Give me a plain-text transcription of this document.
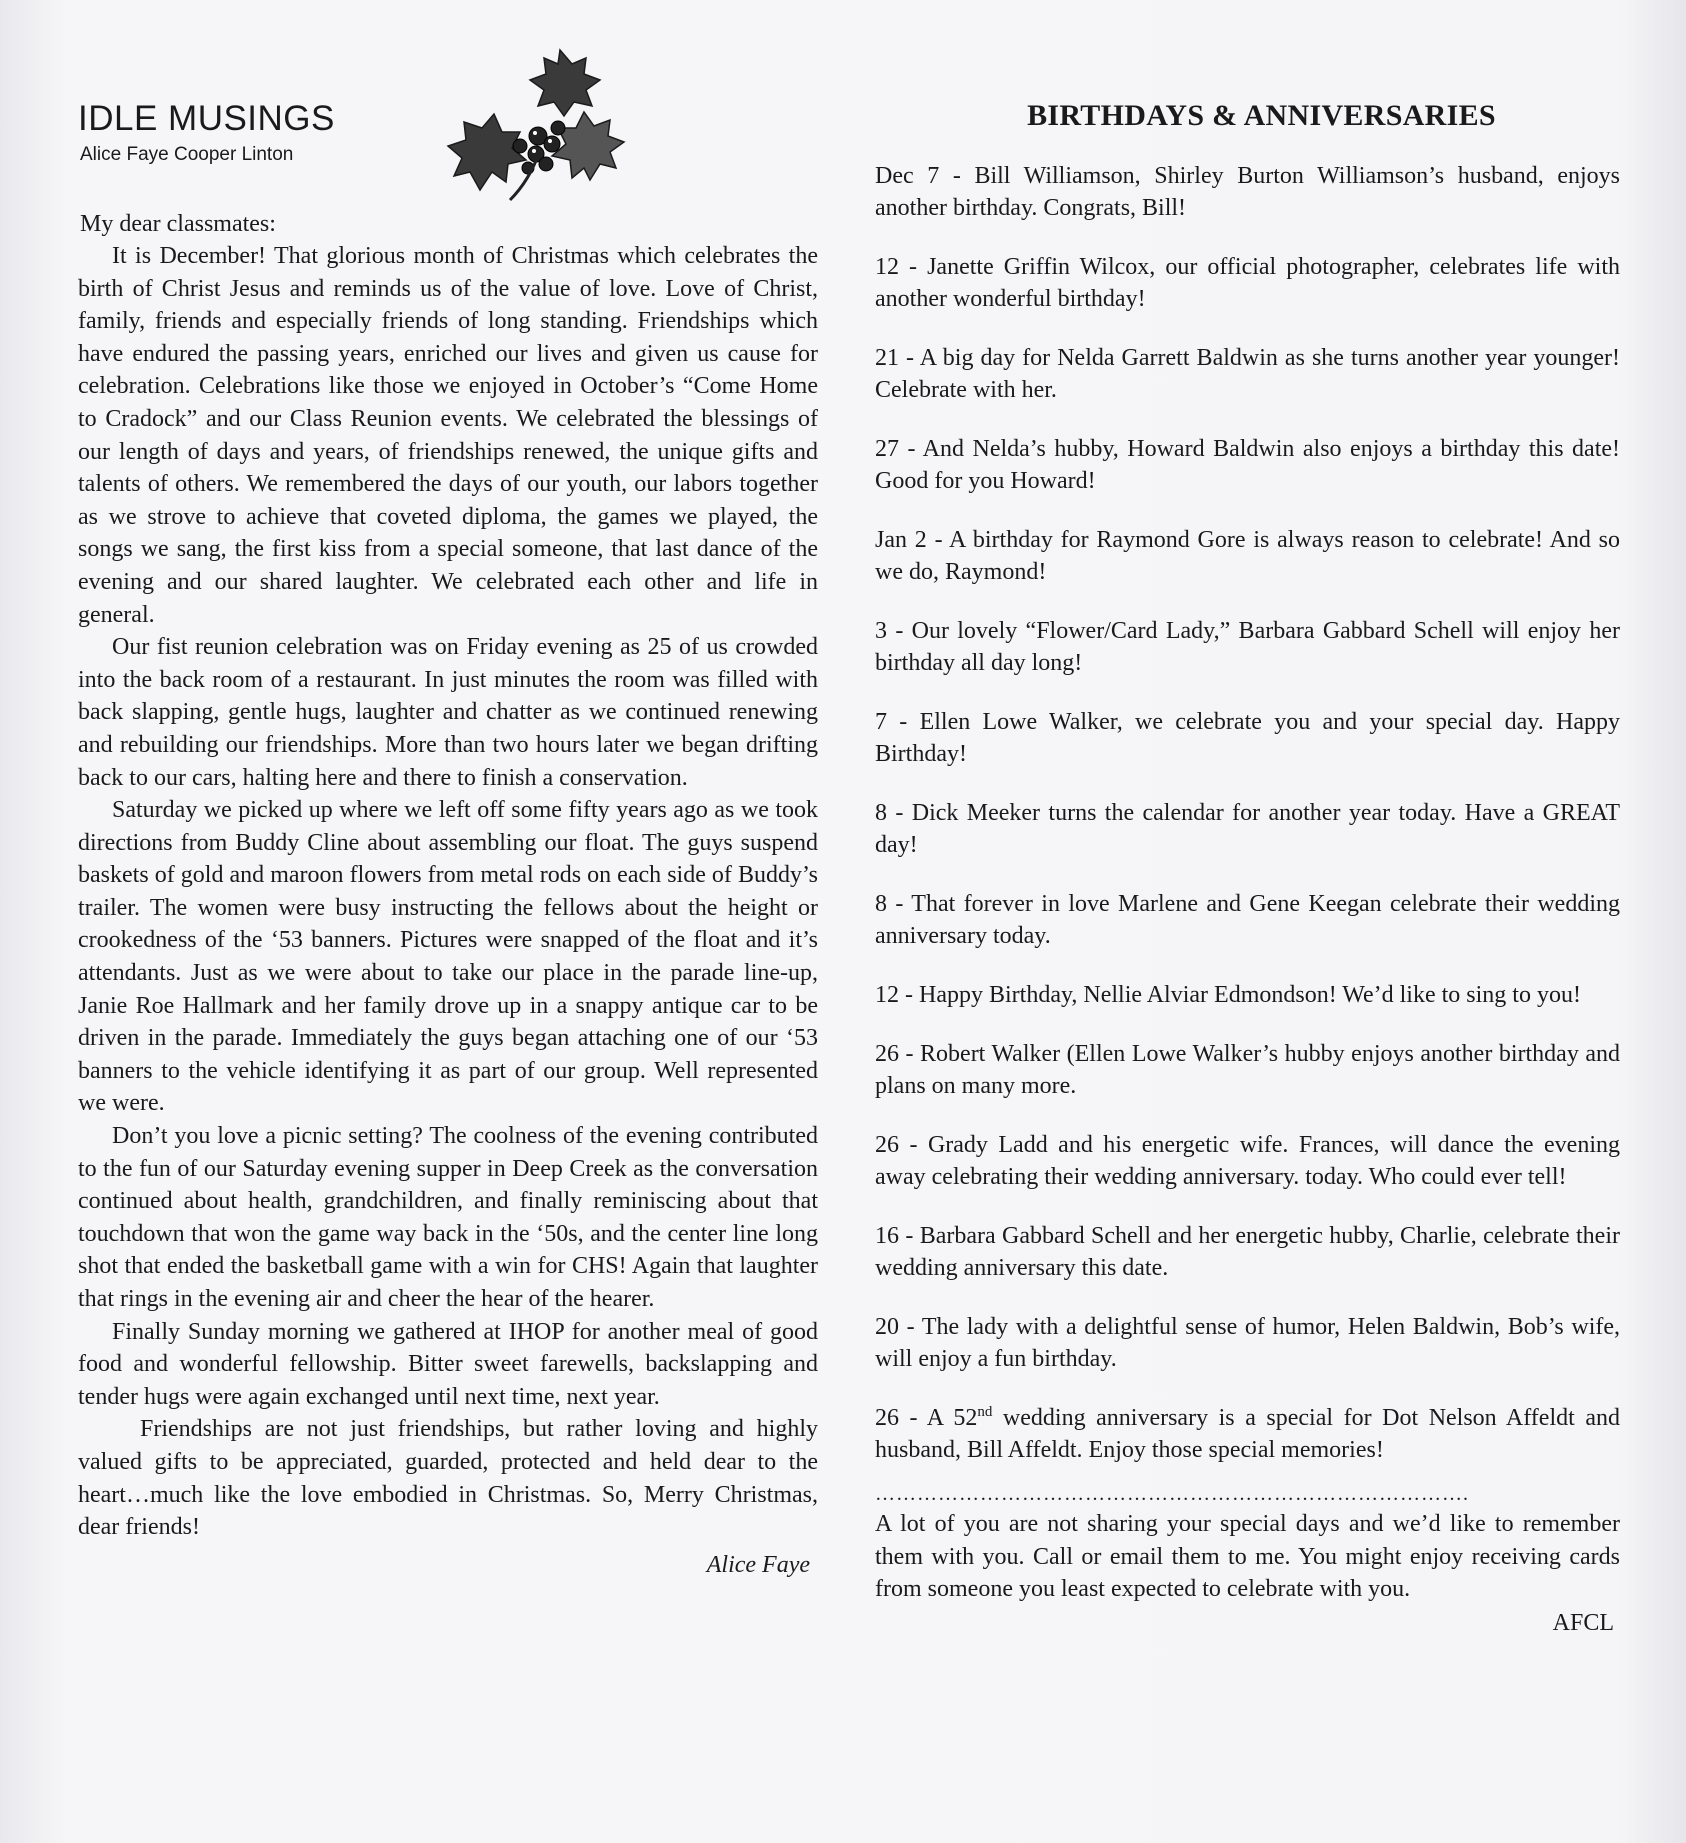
IDLE MUSINGS
Alice Faye Cooper Linton
My dear classmates:

It is December! That glorious month of Christmas which celebrates the birth of Christ Jesus and reminds us of the value of love. Love of Christ, family, friends and especially friends of long standing. Friendships which have endured the passing years, enriched our lives and given us cause for celebration. Celebrations like those we enjoyed in October’s “Come Home to Cradock” and our Class Reunion events. We celebrated the blessings of our length of days and years, of friendships renewed, the unique gifts and talents of others. We remembered the days of our youth, our labors together as we strove to achieve that coveted diploma, the games we played, the songs we sang, the first kiss from a special someone, that last dance of the evening and our shared laughter. We celebrated each other and life in general.

Our fist reunion celebration was on Friday evening as 25 of us crowded into the back room of a restaurant. In just minutes the room was filled with back slapping, gentle hugs, laughter and chatter as we continued renewing and rebuilding our friendships. More than two hours later we began drifting back to our cars, halting here and there to finish a conservation.

Saturday we picked up where we left off some fifty years ago as we took directions from Buddy Cline about assembling our float. The guys suspend baskets of gold and maroon flowers from metal rods on each side of Buddy’s trailer. The women were busy instructing the fellows about the height or crookedness of the ‘53 banners. Pictures were snapped of the float and it’s attendants. Just as we were about to take our place in the parade line-up, Janie Roe Hallmark and her family drove up in a snappy antique car to be driven in the parade. Immediately the guys began attaching one of our ‘53 banners to the vehicle identifying it as part of our group. Well represented we were.

Don’t you love a picnic setting? The coolness of the evening contributed to the fun of our Saturday evening supper in Deep Creek as the conversation continued about health, grandchildren, and finally reminiscing about that touchdown that won the game way back in the ‘50s, and the center line long shot that ended the basketball game with a win for CHS! Again that laughter that rings in the evening air and cheer the hear of the hearer.

Finally Sunday morning we gathered at IHOP for another meal of good food and wonderful fellowship. Bitter sweet farewells, backslapping and tender hugs were again exchanged until next time, next year.

Friendships are not just friendships, but rather loving and highly valued gifts to be appreciated, guarded, protected and held dear to the heart…much like the love embodied in Christmas. So, Merry Christmas, dear friends!

Alice Faye
BIRTHDAYS & ANNIVERSARIES

Dec 7 - Bill Williamson, Shirley Burton Williamson’s husband, enjoys another birthday. Congrats, Bill!

12 - Janette Griffin Wilcox, our official photographer, celebrates life with another wonderful birthday!

21 - A big day for Nelda Garrett Baldwin as she turns another year younger! Celebrate with her.

27 - And Nelda’s hubby, Howard Baldwin also enjoys a birthday this date! Good for you Howard!

Jan 2 - A birthday for Raymond Gore is always reason to celebrate! And so we do, Raymond!

3 - Our lovely “Flower/Card Lady,” Barbara Gabbard Schell will enjoy her birthday all day long!

7 - Ellen Lowe Walker, we celebrate you and your special day. Happy Birthday!

8 - Dick Meeker turns the calendar for another year today. Have a GREAT day!

8 - That forever in love Marlene and Gene Keegan celebrate their wedding anniversary today.

12 - Happy Birthday, Nellie Alviar Edmondson! We’d like to sing to you!

26 - Robert Walker (Ellen Lowe Walker’s hubby enjoys another birthday and plans on many more.

26 - Grady Ladd and his energetic wife. Frances, will dance the evening away celebrating their wedding anniversary. today. Who could ever tell!

16 - Barbara Gabbard Schell and her energetic hubby, Charlie, celebrate their wedding anniversary this date.

20 - The lady with a delightful sense of humor, Helen Baldwin, Bob’s wife, will enjoy a fun birthday.

26 - A 52nd wedding anniversary is a special for Dot Nelson Affeldt and husband, Bill Affeldt. Enjoy those special memories!

………………………………………………………………………….

A lot of you are not sharing your special days and we’d like to remember them with you. Call or email them to me. You might enjoy receiving cards from someone you least expected to celebrate with you.

AFCL
